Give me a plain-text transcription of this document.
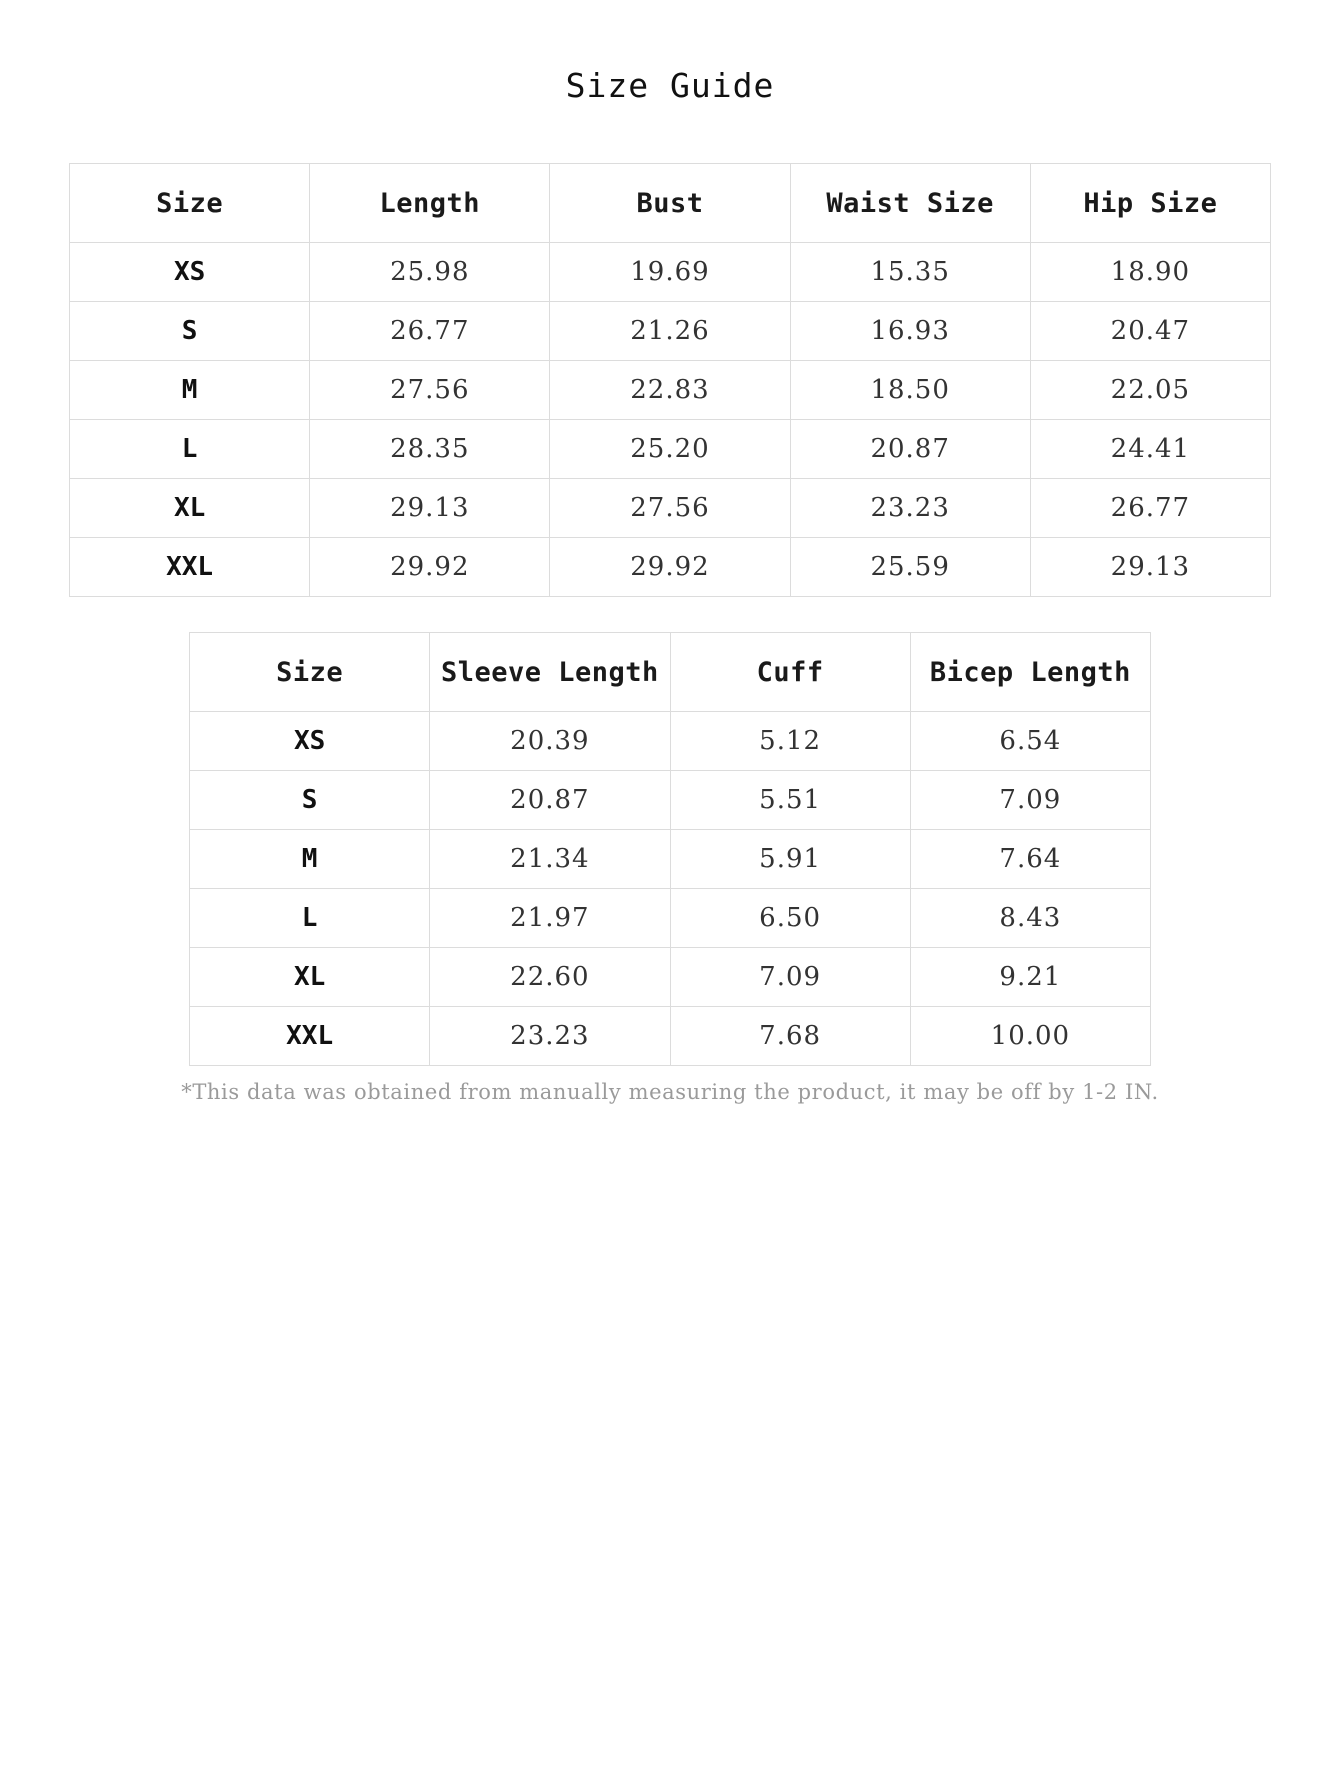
Size Guide
Size	Length	Bust	Waist Size	Hip Size
XS	25.98	19.69	15.35	18.90
S	26.77	21.26	16.93	20.47
M	27.56	22.83	18.50	22.05
L	28.35	25.20	20.87	24.41
XL	29.13	27.56	23.23	26.77
XXL	29.92	29.92	25.59	29.13
Size	Sleeve Length	Cuff	Bicep Length
XS	20.39	5.12	6.54
S	20.87	5.51	7.09
M	21.34	5.91	7.64
L	21.97	6.50	8.43
XL	22.60	7.09	9.21
XXL	23.23	7.68	10.00
*This data was obtained from manually measuring the product, it may be off by 1-2 IN.
